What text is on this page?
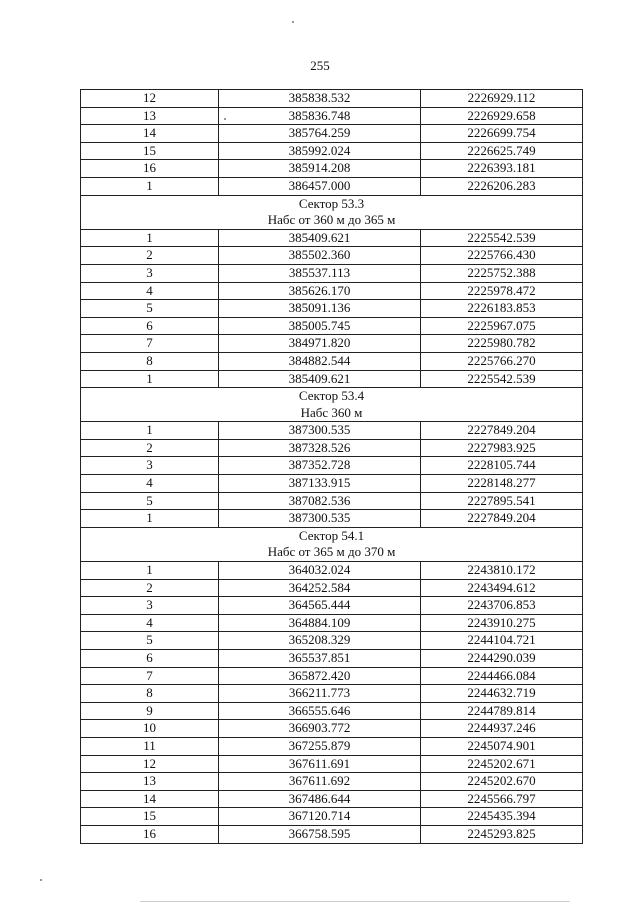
255
12	385838.532	2226929.112
13	385836.748	2226929.658
14	385764.259	2226699.754
15	385992.024	2226625.749
16	385914.208	2226393.181
1	386457.000	2226206.283
Сектор 53.3		
Набс от 360 м до 365 м		
1	385409.621	2225542.539
2	385502.360	2225766.430
3	385537.113	2225752.388
4	385626.170	2225978.472
5	385091.136	2226183.853
6	385005.745	2225967.075
7	384971.820	2225980.782
8	384882.544	2225766.270
1	385409.621	2225542.539
Сектор 53.4		
Набс 360 м		
1	387300.535	2227849.204
2	387328.526	2227983.925
3	387352.728	2228105.744
4	387133.915	2228148.277
5	387082.536	2227895.541
1	387300.535	2227849.204
Сектор 54.1		
Набс от 365 м до 370 м		
1	364032.024	2243810.172
2	364252.584	2243494.612
3	364565.444	2243706.853
4	364884.109	2243910.275
5	365208.329	2244104.721
6	365537.851	2244290.039
7	365872.420	2244466.084
8	366211.773	2244632.719
9	366555.646	2244789.814
10	366903.772	2244937.246
11	367255.879	2245074.901
12	367611.691	2245202.671
13	367611.692	2245202.670
14	367486.644	2245566.797
15	367120.714	2245435.394
16	366758.595	2245293.825
